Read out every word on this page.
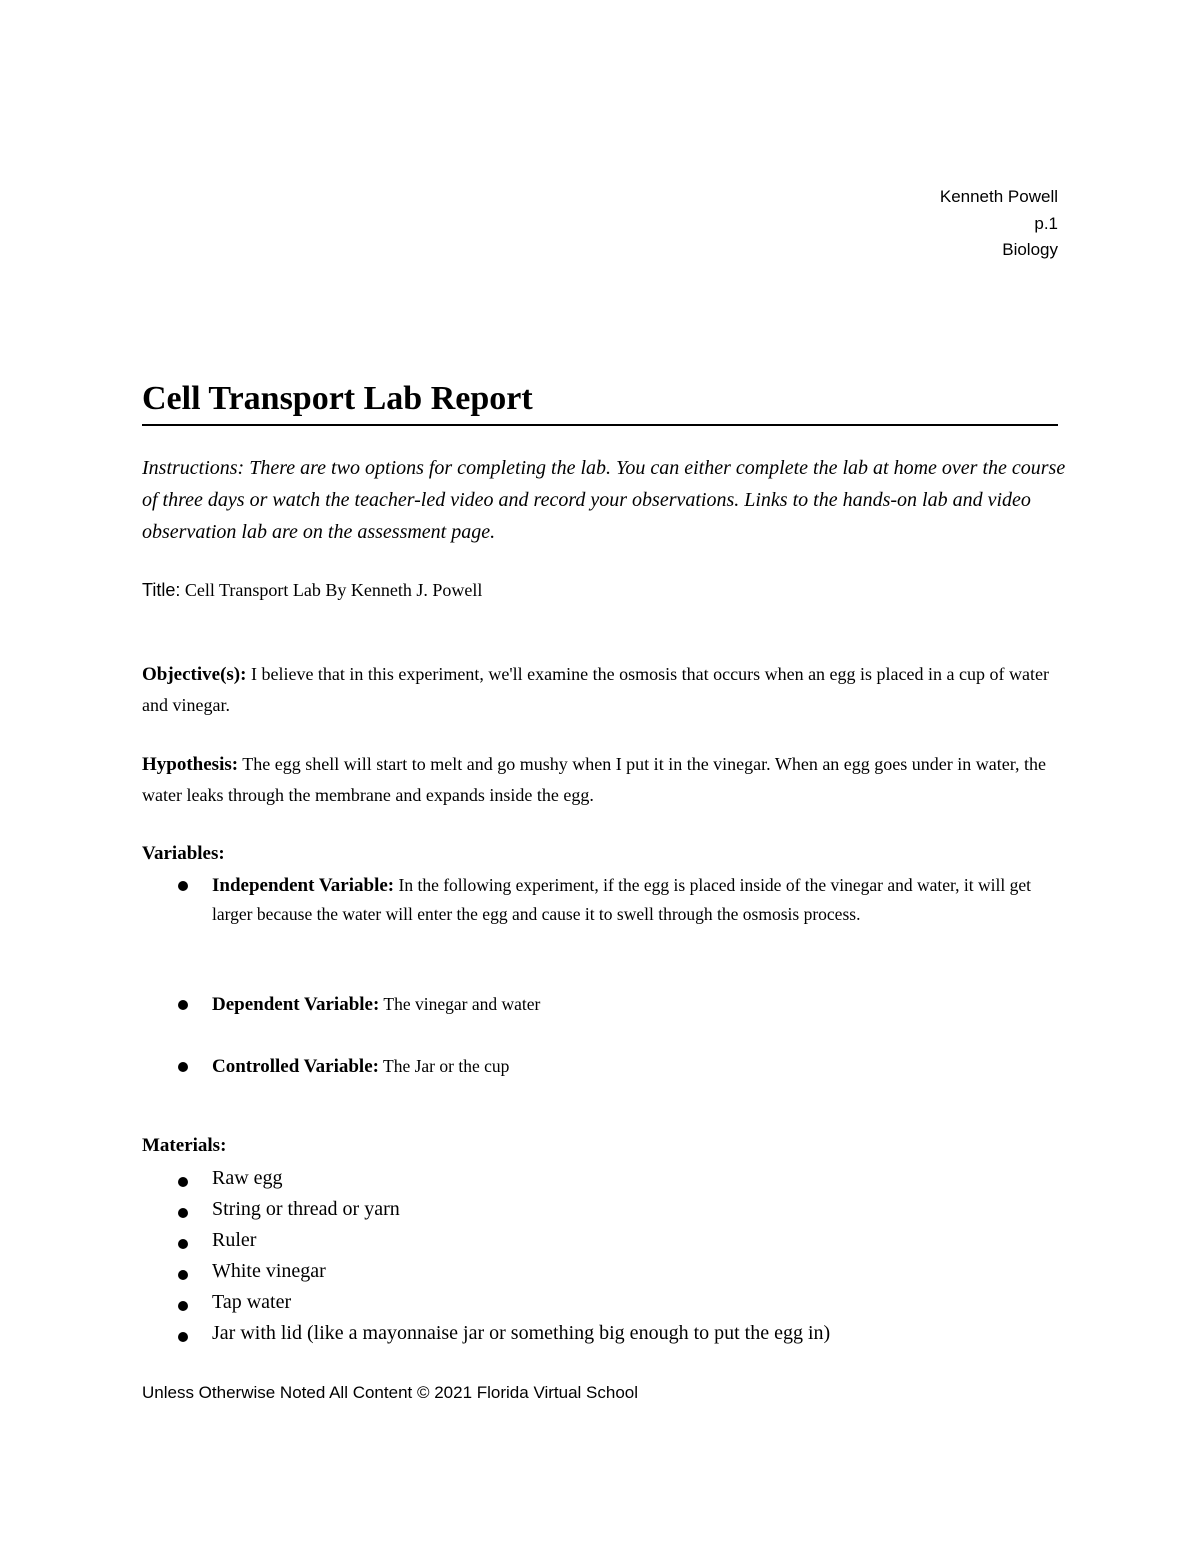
Kenneth Powell
p.1
Biology
Cell Transport Lab Report
Instructions: There are two options for completing the lab. You can either complete the lab at home over the course of three days or watch the teacher-led video and record your observations. Links to the hands-on lab and video observation lab are on the assessment page.
Title: Cell Transport Lab By Kenneth J. Powell
Objective(s): I believe that in this experiment, we'll examine the osmosis that occurs when an egg is placed in a cup of water and vinegar.
Hypothesis: The egg shell will start to melt and go mushy when I put it in the vinegar. When an egg goes under in water, the water leaks through the membrane and expands inside the egg.
Variables:
Independent Variable: In the following experiment, if the egg is placed inside of the vinegar and water, it will get larger because the water will enter the egg and cause it to swell through the osmosis process.
Dependent Variable: The vinegar and water
Controlled Variable: The Jar or the cup
Materials:
Raw egg
String or thread or yarn
Ruler
White vinegar
Tap water
Jar with lid (like a mayonnaise jar or something big enough to put the egg in)
Unless Otherwise Noted All Content © 2021 Florida Virtual School
